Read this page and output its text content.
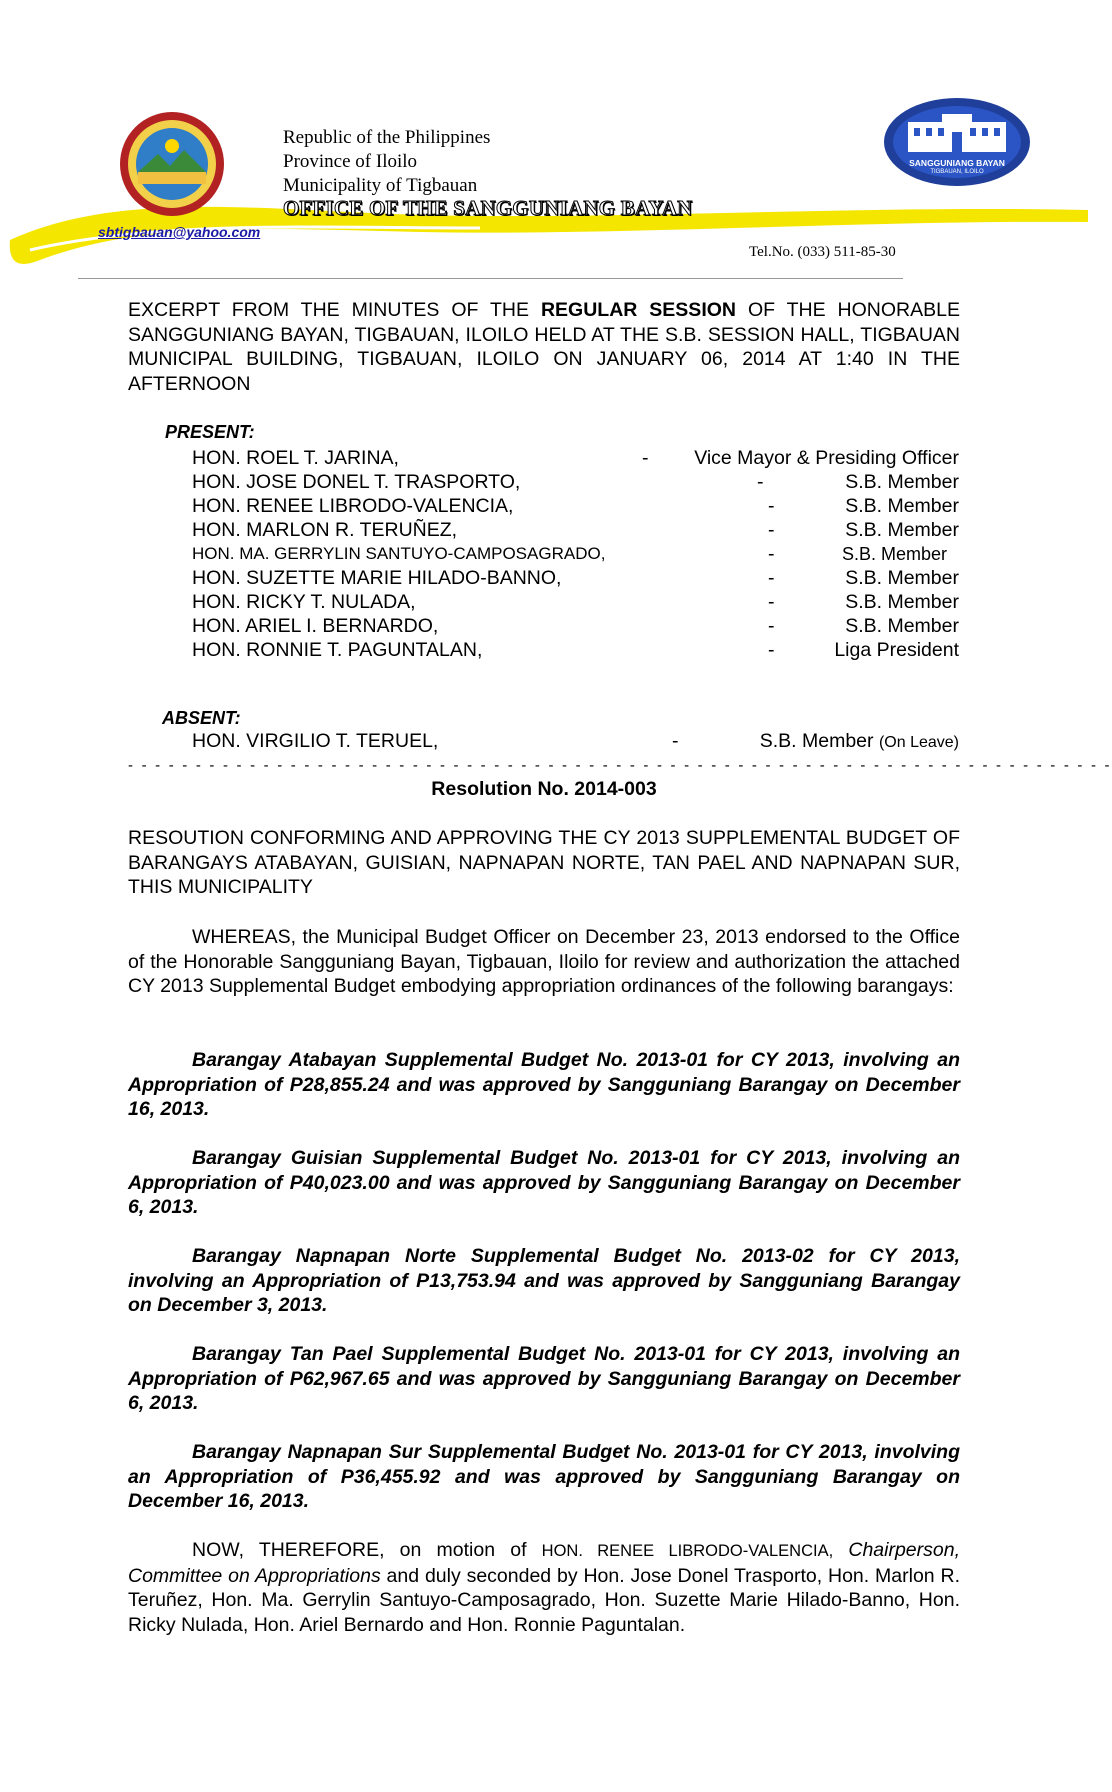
SANGGUNIANG BAYAN
TIGBAUAN, ILOILO
Republic of the Philippines
Province of Iloilo
Municipality of Tigbauan
OFFICE OF THE SANGGUNIANG BAYAN
sbtigbauan@yahoo.com
Tel.No. (033) 511-85-30
EXCERPT FROM THE MINUTES OF THE REGULAR SESSION OF THE HONORABLE SANGGUNIANG BAYAN, TIGBAUAN, ILOILO HELD AT THE S.B. SESSION HALL, TIGBAUAN MUNICIPAL BUILDING, TIGBAUAN, ILOILO ON JANUARY 06, 2014 AT 1:40 IN THE AFTERNOON
PRESENT:
HON. ROEL T. JARINA,	- Vice Mayor & Presiding Officer
HON. JOSE DONEL T. TRASPORTO,	-	S.B. Member
HON. RENEE LIBRODO-VALENCIA,	-	S.B. Member
HON. MARLON R. TERUÑEZ,	-	S.B. Member
HON. MA. GERRYLIN SANTUYO-CAMPOSAGRADO,	-	S.B. Member
HON. SUZETTE MARIE HILADO-BANNO,	-	S.B. Member
HON. RICKY T. NULADA,	-	S.B. Member
HON. ARIEL I. BERNARDO,	-	S.B. Member
HON. RONNIE T. PAGUNTALAN,	-	Liga President
ABSENT:
HON. VIRGILIO T. TERUEL,	-	S.B. Member (On Leave)
- - - - - - - - - - - - - - - - - - - - - - - - - - - - - - - - - - - - - - - - - - - - - - - - - - - - - - - - - - - - - - - - - - - - - - - - -
Resolution No. 2014-003
RESOUTION CONFORMING AND APPROVING THE CY 2013 SUPPLEMENTAL BUDGET OF BARANGAYS ATABAYAN, GUISIAN, NAPNAPAN NORTE, TAN PAEL AND NAPNAPAN SUR, THIS MUNICIPALITY
WHEREAS, the Municipal Budget Officer on December 23, 2013 endorsed to the Office of the Honorable Sangguniang Bayan, Tigbauan, Iloilo for review and authorization the attached CY 2013 Supplemental Budget embodying appropriation ordinances of the following barangays:
Barangay Atabayan Supplemental Budget No. 2013-01 for CY 2013, involving an Appropriation of P28,855.24 and was approved by Sangguniang Barangay on December 16, 2013.
Barangay Guisian Supplemental Budget No. 2013-01 for CY 2013, involving an Appropriation of P40,023.00 and was approved by Sangguniang Barangay on December 6, 2013.
Barangay Napnapan Norte Supplemental Budget No. 2013-02 for CY 2013, involving an Appropriation of P13,753.94 and was approved by Sangguniang Barangay on December 3, 2013.
Barangay Tan Pael Supplemental Budget No. 2013-01 for CY 2013, involving an Appropriation of P62,967.65 and was approved by Sangguniang Barangay on December 6, 2013.
Barangay Napnapan Sur Supplemental Budget No. 2013-01 for CY 2013, involving an Appropriation of P36,455.92 and was approved by Sangguniang Barangay on December 16, 2013.
NOW, THEREFORE, on motion of HON. RENEE LIBRODO-VALENCIA, Chairperson, Committee on Appropriations and duly seconded by Hon. Jose Donel Trasporto, Hon. Marlon R. Teruñez, Hon. Ma. Gerrylin Santuyo-Camposagrado, Hon. Suzette Marie Hilado-Banno, Hon. Ricky Nulada, Hon. Ariel Bernardo and Hon. Ronnie Paguntalan.
